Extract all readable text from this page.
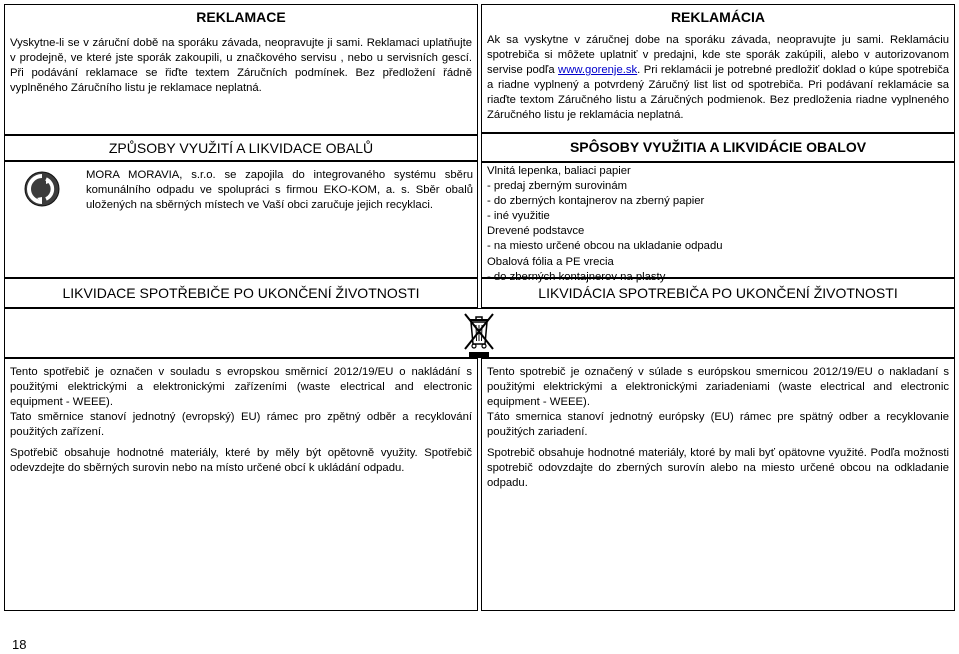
REKLAMACE
Vyskytne-li se v záruční době na sporáku závada, neopravujte ji sami. Reklamaci uplatňujte v prodejně, ve které jste sporák zakoupili, u značkového servisu , nebo u servisních gescí. Při podávání reklamace se řiďte textem Záručních podmínek. Bez předložení řádně vyplněného Záručního listu je reklamace neplatná.
ZPŮSOBY VYUŽITÍ A LIKVIDACE OBALŮ
MORA MORAVIA, s.r.o. se zapojila do integrovaného systému sběru komunálního odpadu ve spolupráci s firmou EKO-KOM, a. s. Sběr obalů uložených na sběrných místech ve Vaší obci zaručuje jejich recyklaci.
LIKVIDACE SPOTŘEBIČE PO UKONČENÍ ŽIVOTNOSTI
REKLAMÁCIA
Ak sa vyskytne v záručnej dobe na sporáku závada, neopravujte ju sami. Reklamáciu spotrebiča si môžete uplatniť v predajni, kde ste sporák zakúpili, alebo v autorizovanom servise podľa www.gorenje.sk. Pri reklamácii je potrebné predložiť doklad o kúpe spotrebiča a riadne vyplnený a potvrdený Záručný list list od spotrebiča. Pri podávaní reklamácie sa riaďte textom Záručného listu a Záručných podmienok. Bez predloženia riadne vyplneného Záručného listu je reklamácia neplatná.
SPÔSOBY VYUŽITIA A LIKVIDÁCIE OBALOV
Vlnitá lepenka, baliaci papier
- predaj zberným surovinám
- do zberných kontajnerov na zberný papier
- iné využitie
Drevené podstavce
- na miesto určené obcou na ukladanie odpadu
Obalová fólia a PE vrecia
- do zberných kontajnerov na plasty
LIKVIDÁCIA SPOTREBIČA PO UKONČENÍ ŽIVOTNOSTI

Tento spotřebič je označen v souladu s evropskou směrnicí 2012/19/EU o nakládání s použitými elektrickými a elektronickými zařízeními (waste electrical and electronic equipment - WEEE).

Tato směrnice stanoví jednotný (evropský) EU) rámec pro zpětný odběr a recyklování použitých zařízení.

Spotřebič obsahuje hodnotné materiály, které by měly být opětovně využity. Spotřebič odevzdejte do sběrných surovin nebo na místo určené obcí k ukládání odpadu.

Tento spotrebič je označený v súlade s európskou smernicou 2012/19/EU o nakladaní s použitými elektrickými a elektronickými zariadeniami (waste electrical and electronic equipment - WEEE).

Táto smernica stanoví jednotný európsky (EU) rámec pre spätný odber a recyklovanie použitých zariadení.

Spotrebič obsahuje hodnotné materiály, ktoré by mali byť opätovne využité. Podľa možnosti spotrebič odovzdajte do zberných surovín alebo na miesto určené obcou na odkladanie odpadu.

18
